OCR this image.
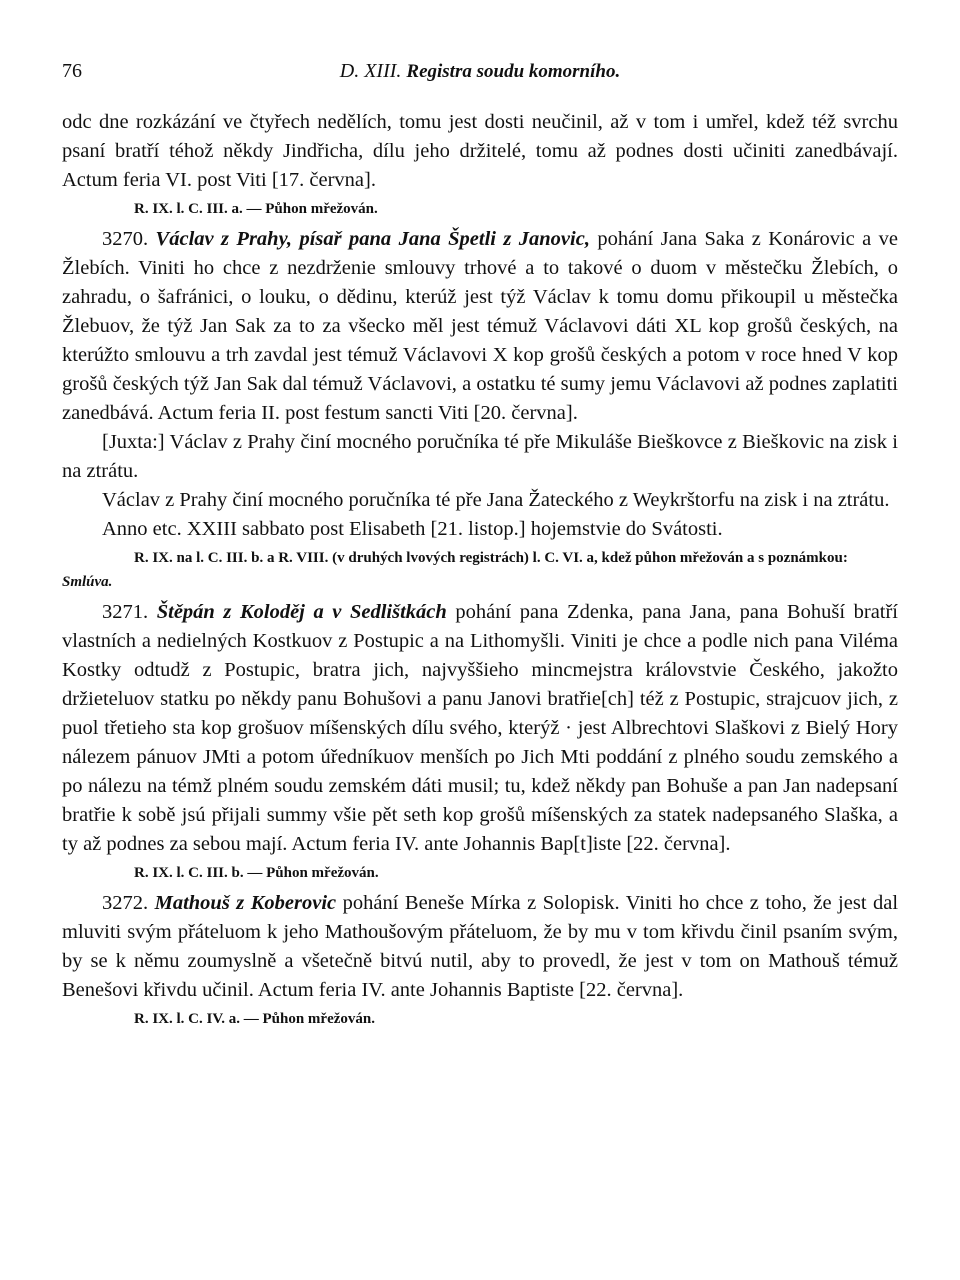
76	D. XIII. Registra soudu komorního.

odc dne rozkázání ve čtyřech nedělích, tomu jest dosti neučinil, až v tom i umřel, kdež též svrchu psaní bratří téhož někdy Jindřicha, dílu jeho držitelé, tomu až podnes dosti učiniti zanedbávají. Actum feria VI. post Viti [17. června].

R. IX. l. C. III. a. — Půhon mřežován.

3270. Václav z Prahy, písař pana Jana Špetli z Janovic, pohání Jana Saka z Konárovic a ve Žlebích. Viniti ho chce z nezdrženie smlouvy trhové a to takové o duom v městečku Žlebích, o zahradu, o šafránici, o louku, o dědinu, kterúž jest týž Václav k tomu domu přikoupil u městečka Žlebuov, že týž Jan Sak za to za všecko měl jest témuž Václavovi dáti XL kop grošů českých, na kterúžto smlouvu a trh zavdal jest témuž Václavovi X kop grošů českých a potom v roce hned V kop grošů českých týž Jan Sak dal témuž Václavovi, a ostatku té sumy jemu Václavovi až podnes zaplatiti zanedbává. Actum feria II. post festum sancti Viti [20. června].

[Juxta:] Václav z Prahy činí mocného poručníka té pře Mikuláše Bieškovce z Bieškovic na zisk i na ztrátu.

Václav z Prahy činí mocného poručníka té pře Jana Žateckého z Weykrštorfu na zisk i na ztrátu.

Anno etc. XXIII sabbato post Elisabeth [21. listop.] hojemstvie do Svátosti.

R. IX. na l. C. III. b. a R. VIII. (v druhých lvových registrách) l. C. VI. a, kdež půhon mřežován a s poznámkou: Smlúva.

3271. Štěpán z Koloděj a v Sedlištkách pohání pana Zdenka, pana Jana, pana Bohuší bratří vlastních a nedielných Kostkuov z Postupic a na Lithomyšli. Viniti je chce a podle nich pana Viléma Kostky odtudž z Postupic, bratra jich, najvyššieho mincmejstra královstvie Českého, jakožto držieteluov statku po někdy panu Bohušovi a panu Janovi bratřie[ch] též z Postupic, strajcuov jich, z puol třetieho sta kop grošuov míšenských dílu svého, kterýž · jest Albrechtovi Slaškovi z Bielý Hory nálezem pánuov JMti a potom úředníkuov menších po Jich Mti poddání z plného soudu zemského a po nálezu na témž plném soudu zemském dáti musil; tu, kdež někdy pan Bohuše a pan Jan nadepsaní bratřie k sobě jsú přijali summy všie pět seth kop grošů míšenských za statek nadepsaného Slaška, a ty až podnes za sebou mají. Actum feria IV. ante Johannis Bap[t]iste [22. června].

R. IX. l. C. III. b. — Půhon mřežován.

3272. Mathouš z Koberovic pohání Beneše Mírka z Solopisk. Viniti ho chce z toho, že jest dal mluviti svým přáteluom k jeho Mathoušovým přáteluom, že by mu v tom křivdu činil psaním svým, by se k němu zoumyslně a všetečně bitvú nutil, aby to provedl, že jest v tom on Mathouš témuž Benešovi křivdu učinil. Actum feria IV. ante Johannis Baptiste [22. června].

R. IX. l. C. IV. a. — Půhon mřežován.
